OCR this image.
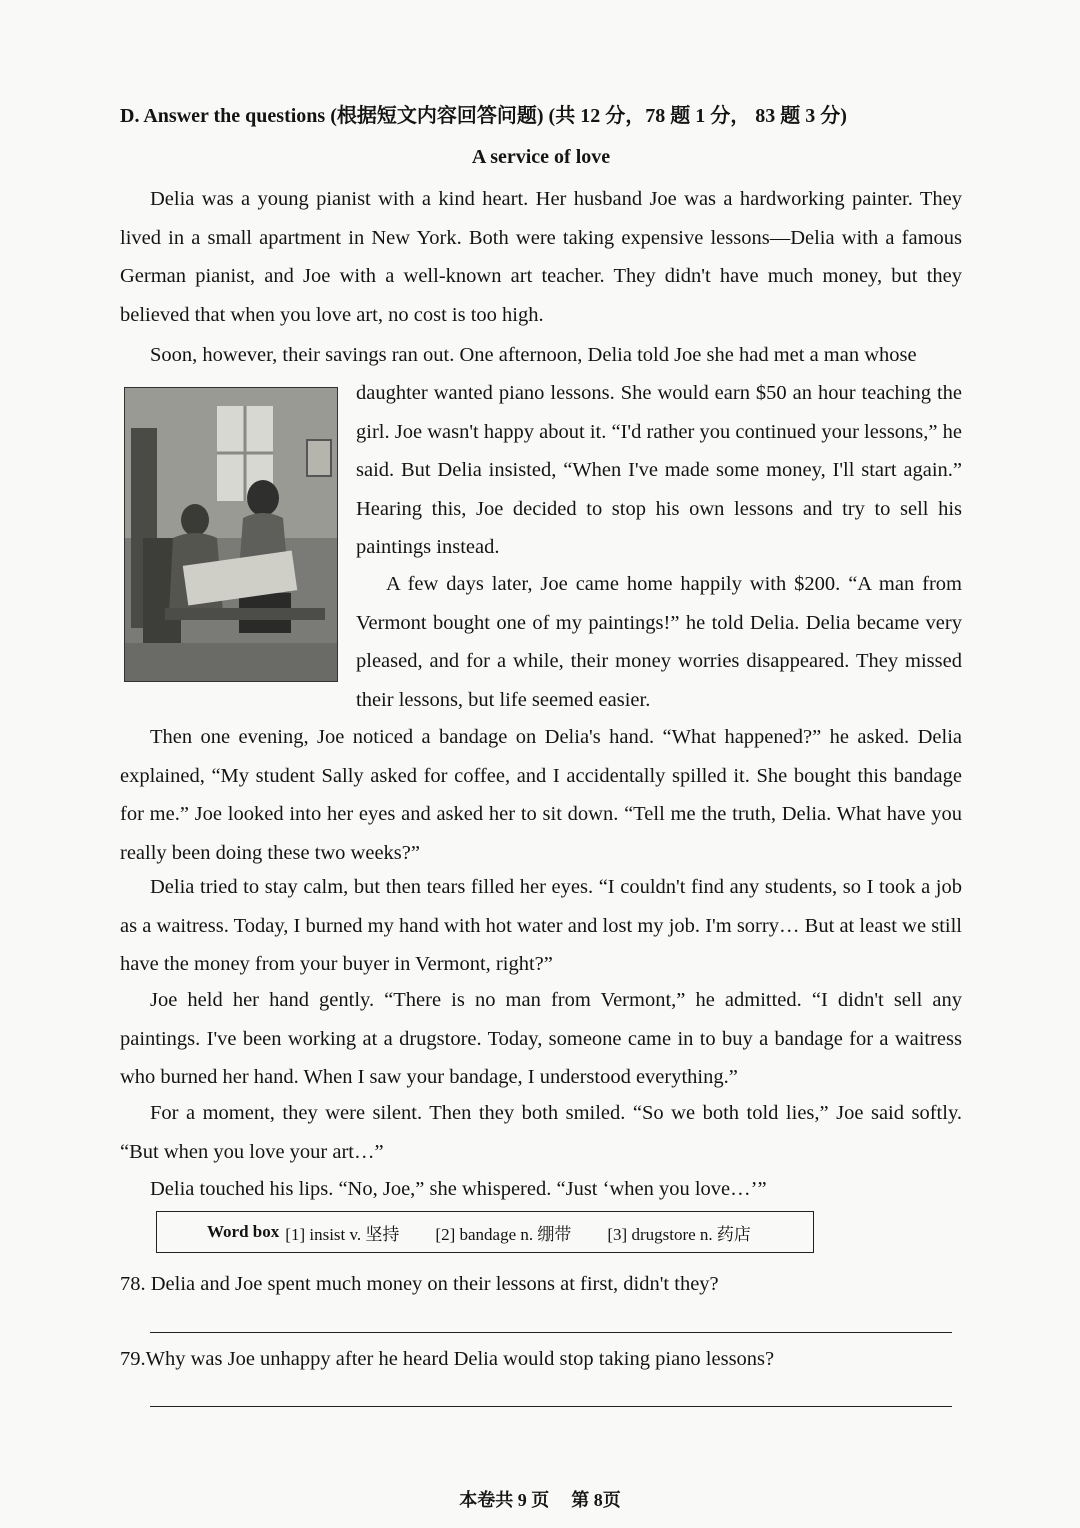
D. Answer the questions (根据短文内容回答问题) (共 12 分，78 题 1 分， 83 题 3 分)
A service of love

Delia was a young pianist with a kind heart. Her husband Joe was a hardworking painter. They lived in a small apartment in New York. Both were taking expensive lessons—Delia with a famous German pianist, and Joe with a well-known art teacher. They didn't have much money, but they believed that when you love art, no cost is too high.

Soon, however, their savings ran out. One afternoon, Delia told Joe she had met a man whose

daughter wanted piano lessons. She would earn $50 an hour teaching the girl. Joe wasn't happy about it. “I'd rather you continued your lessons,” he said. But Delia insisted, “When I've made some money, I'll start again.” Hearing this, Joe decided to stop his own lessons and try to sell his paintings instead.

A few days later, Joe came home happily with $200. “A man from Vermont bought one of my paintings!” he told Delia. Delia became very pleased, and for a while, their money worries disappeared. They missed their lessons, but life seemed easier.

Then one evening, Joe noticed a bandage on Delia's hand. “What happened?” he asked. Delia explained, “My student Sally asked for coffee, and I accidentally spilled it. She bought this bandage for me.” Joe looked into her eyes and asked her to sit down. “Tell me the truth, Delia. What have you really been doing these two weeks?”

Delia tried to stay calm, but then tears filled her eyes. “I couldn't find any students, so I took a job as a waitress. Today, I burned my hand with hot water and lost my job. I'm sorry… But at least we still have the money from your buyer in Vermont, right?”

Joe held her hand gently. “There is no man from Vermont,” he admitted. “I didn't sell any paintings. I've been working at a drugstore. Today, someone came in to buy a bandage for a waitress who burned her hand. When I saw your bandage, I understood everything.”

For a moment, they were silent. Then they both smiled. “So we both told lies,” Joe said softly. “But when you love your art…”

Delia touched his lips. “No, Joe,” she whispered. “Just ‘when you love…’”

Word box [1] insist v. 坚持 [2] bandage n. 绷带 [3] drugstore n. 药店
78. Delia and Joe spent much money on their lessons at first, didn't they?
79.Why was Joe unhappy after he heard Delia would stop taking piano lessons?
本卷共 9 页 第 8页
